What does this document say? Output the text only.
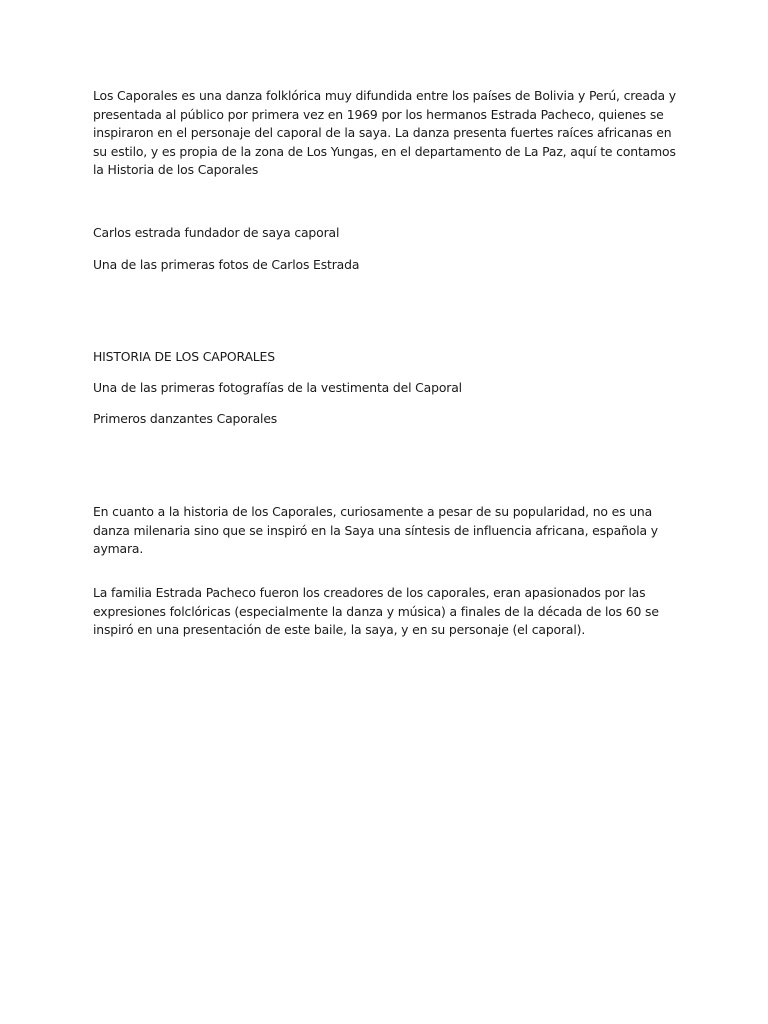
Los Caporales es una danza folklórica muy difundida entre los países de Bolivia y Perú, creada y presentada al público por primera vez en 1969 por los hermanos Estrada Pacheco, quienes se inspiraron en el personaje del caporal de la saya. La danza presenta fuertes raíces africanas en su estilo, y es propia de la zona de Los Yungas, en el departamento de La Paz, aquí te contamos la Historia de los Caporales

Carlos estrada fundador de saya caporal

Una de las primeras fotos de Carlos Estrada

HISTORIA DE LOS CAPORALES

Una de las primeras fotografías de la vestimenta del Caporal

Primeros danzantes Caporales

En cuanto a la historia de los Caporales, curiosamente a pesar de su popularidad, no es una danza milenaria sino que se inspiró en la Saya una síntesis de influencia africana, española y aymara.

La familia Estrada Pacheco fueron los creadores de los caporales, eran apasionados por las expresiones folclóricas (especialmente la danza y música) a finales de la década de los 60 se inspiró en una presentación de este baile, la saya, y en su personaje (el caporal).
